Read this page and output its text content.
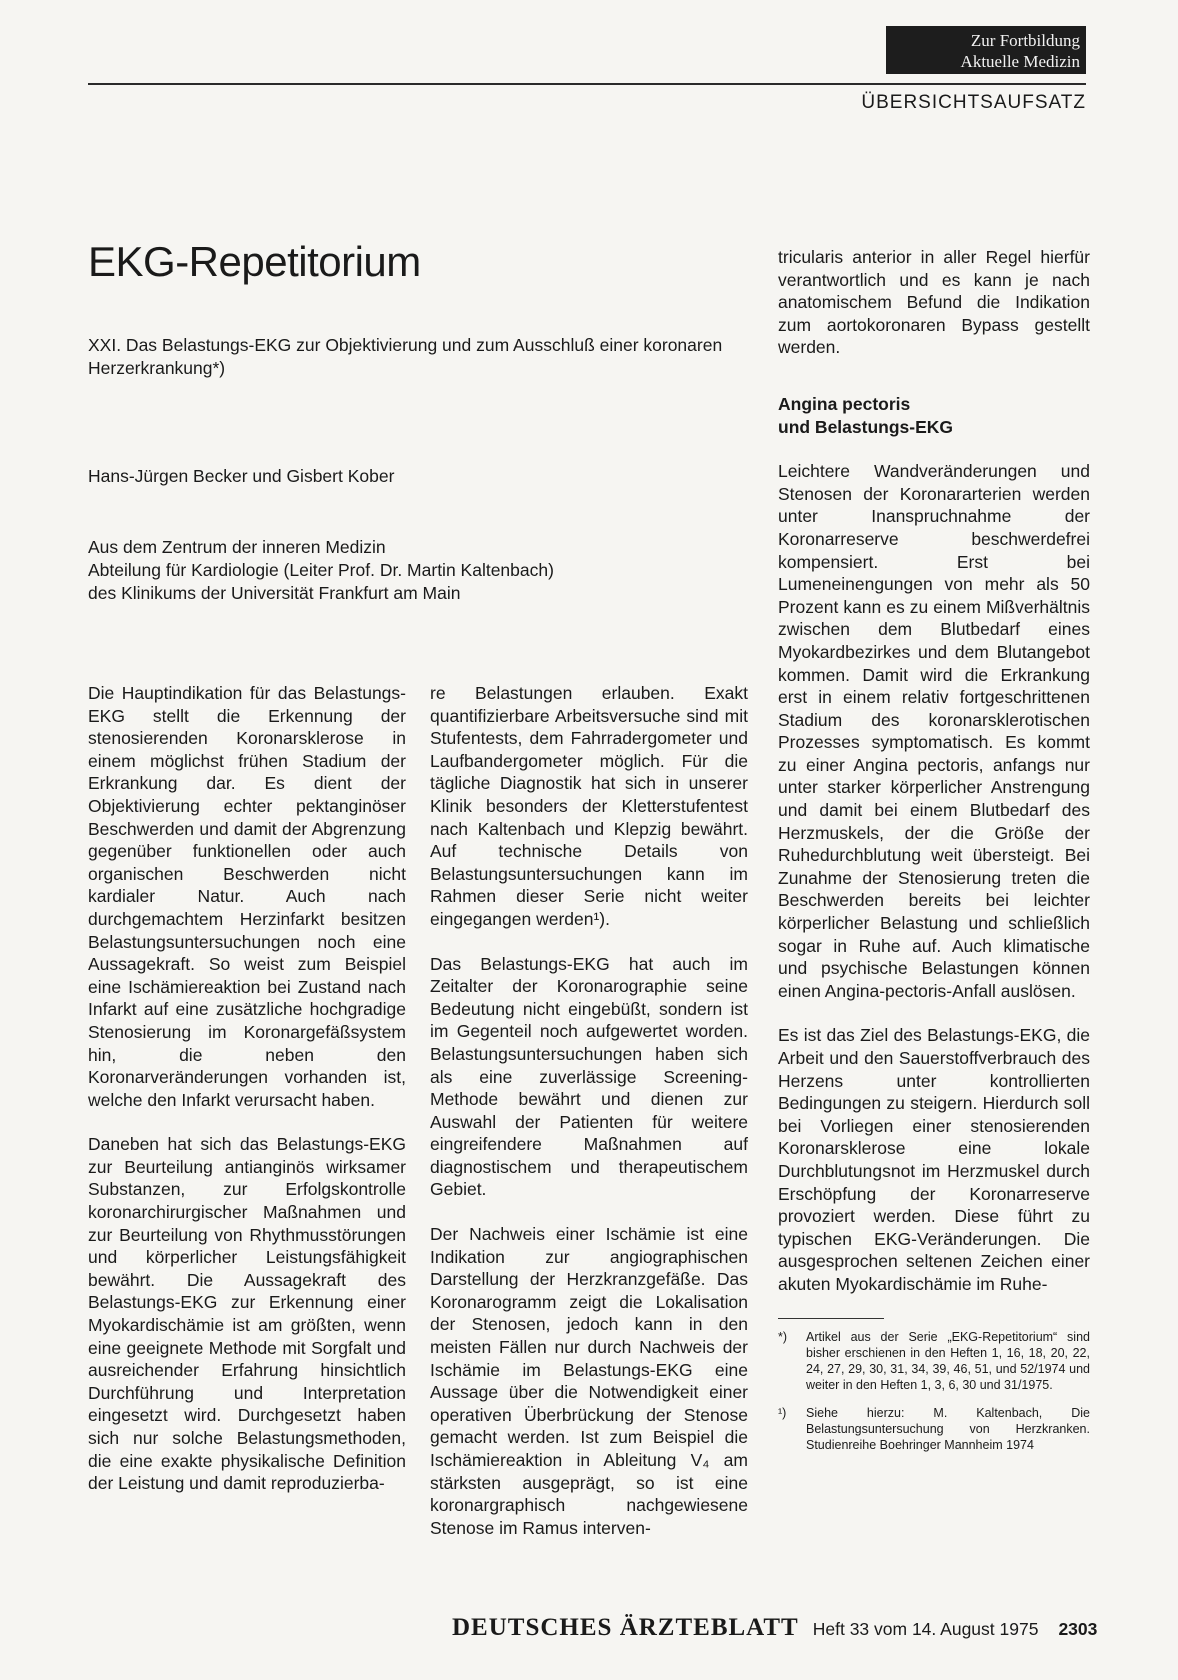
Zur Fortbildung
Aktuelle Medizin
ÜBERSICHTSAUFSATZ
EKG-Repetitorium
XXI. Das Belastungs-EKG zur Objektivierung und zum Ausschluß einer koronaren Herzerkrankung*)
Hans-Jürgen Becker und Gisbert Kober
Aus dem Zentrum der inneren Medizin
Abteilung für Kardiologie (Leiter Prof. Dr. Martin Kaltenbach)
des Klinikums der Universität Frankfurt am Main

Die Hauptindikation für das Belastungs-EKG stellt die Erkennung der stenosierenden Koronarsklerose in einem möglichst frühen Stadium der Erkrankung dar. Es dient der Objektivierung echter pektanginöser Beschwerden und damit der Abgrenzung gegenüber funktionellen oder auch organischen Beschwerden nicht kardialer Natur. Auch nach durchgemachtem Herzinfarkt besitzen Belastungsuntersuchungen noch eine Aussagekraft. So weist zum Beispiel eine Ischämiereaktion bei Zustand nach Infarkt auf eine zusätzliche hochgradige Stenosierung im Koronargefäßsystem hin, die neben den Koronarveränderungen vorhanden ist, welche den Infarkt verursacht haben.

Daneben hat sich das Belastungs-EKG zur Beurteilung antianginös wirksamer Substanzen, zur Erfolgskontrolle koronarchirurgischer Maßnahmen und zur Beurteilung von Rhythmusstörungen und körperlicher Leistungsfähigkeit bewährt. Die Aussagekraft des Belastungs-EKG zur Erkennung einer Myokardischämie ist am größten, wenn eine geeignete Methode mit Sorgfalt und ausreichender Erfahrung hinsichtlich Durchführung und Interpretation eingesetzt wird. Durchgesetzt haben sich nur solche Belastungsmethoden, die eine exakte physikalische Definition der Leistung und damit reproduzierba-

re Belastungen erlauben. Exakt quantifizierbare Arbeitsversuche sind mit Stufentests, dem Fahrradergometer und Laufbandergometer möglich. Für die tägliche Diagnostik hat sich in unserer Klinik besonders der Kletterstufentest nach Kaltenbach und Klepzig bewährt. Auf technische Details von Belastungsuntersuchungen kann im Rahmen dieser Serie nicht weiter eingegangen werden¹).

Das Belastungs-EKG hat auch im Zeitalter der Koronarographie seine Bedeutung nicht eingebüßt, sondern ist im Gegenteil noch aufgewertet worden. Belastungsuntersuchungen haben sich als eine zuverlässige Screening-Methode bewährt und dienen zur Auswahl der Patienten für weitere eingreifendere Maßnahmen auf diagnostischem und therapeutischem Gebiet.

Der Nachweis einer Ischämie ist eine Indikation zur angiographischen Darstellung der Herzkranzgefäße. Das Koronarogramm zeigt die Lokalisation der Stenosen, jedoch kann in den meisten Fällen nur durch Nachweis der Ischämie im Belastungs-EKG eine Aussage über die Notwendigkeit einer operativen Überbrückung der Stenose gemacht werden. Ist zum Beispiel die Ischämiereaktion in Ableitung V₄ am stärksten ausgeprägt, so ist eine koronargraphisch nachgewiesene Stenose im Ramus interven-

tricularis anterior in aller Regel hierfür verantwortlich und es kann je nach anatomischem Befund die Indikation zum aortokoronaren Bypass gestellt werden.

Angina pectoris
und Belastungs-EKG

Leichtere Wandveränderungen und Stenosen der Koronararterien werden unter Inanspruchnahme der Koronarreserve beschwerdefrei kompensiert. Erst bei Lumeneinengungen von mehr als 50 Prozent kann es zu einem Mißverhältnis zwischen dem Blutbedarf eines Myokardbezirkes und dem Blutangebot kommen. Damit wird die Erkrankung erst in einem relativ fortgeschrittenen Stadium des koronarsklerotischen Prozesses symptomatisch. Es kommt zu einer Angina pectoris, anfangs nur unter starker körperlicher Anstrengung und damit bei einem Blutbedarf des Herzmuskels, der die Größe der Ruhedurchblutung weit übersteigt. Bei Zunahme der Stenosierung treten die Beschwerden bereits bei leichter körperlicher Belastung und schließlich sogar in Ruhe auf. Auch klimatische und psychische Belastungen können einen Angina-pectoris-Anfall auslösen.

Es ist das Ziel des Belastungs-EKG, die Arbeit und den Sauerstoffverbrauch des Herzens unter kontrollierten Bedingungen zu steigern. Hierdurch soll bei Vorliegen einer stenosierenden Koronarsklerose eine lokale Durchblutungsnot im Herzmuskel durch Erschöpfung der Koronarreserve provoziert werden. Diese führt zu typischen EKG-Veränderungen. Die ausgesprochen seltenen Zeichen einer akuten Myokardischämie im Ruhe-

*)	Artikel aus der Serie „EKG-Repetitorium“ sind bisher erschienen in den Heften 1, 16, 18, 20, 22, 24, 27, 29, 30, 31, 34, 39, 46, 51, und 52/1974 und weiter in den Heften 1, 3, 6, 30 und 31/1975.
¹)	Siehe hierzu: M. Kaltenbach, Die Belastungsuntersuchung von Herzkranken. Studienreihe Boehringer Mannheim 1974
DEUTSCHES ÄRZTEBLATT Heft 33 vom 14. August 1975 2303
